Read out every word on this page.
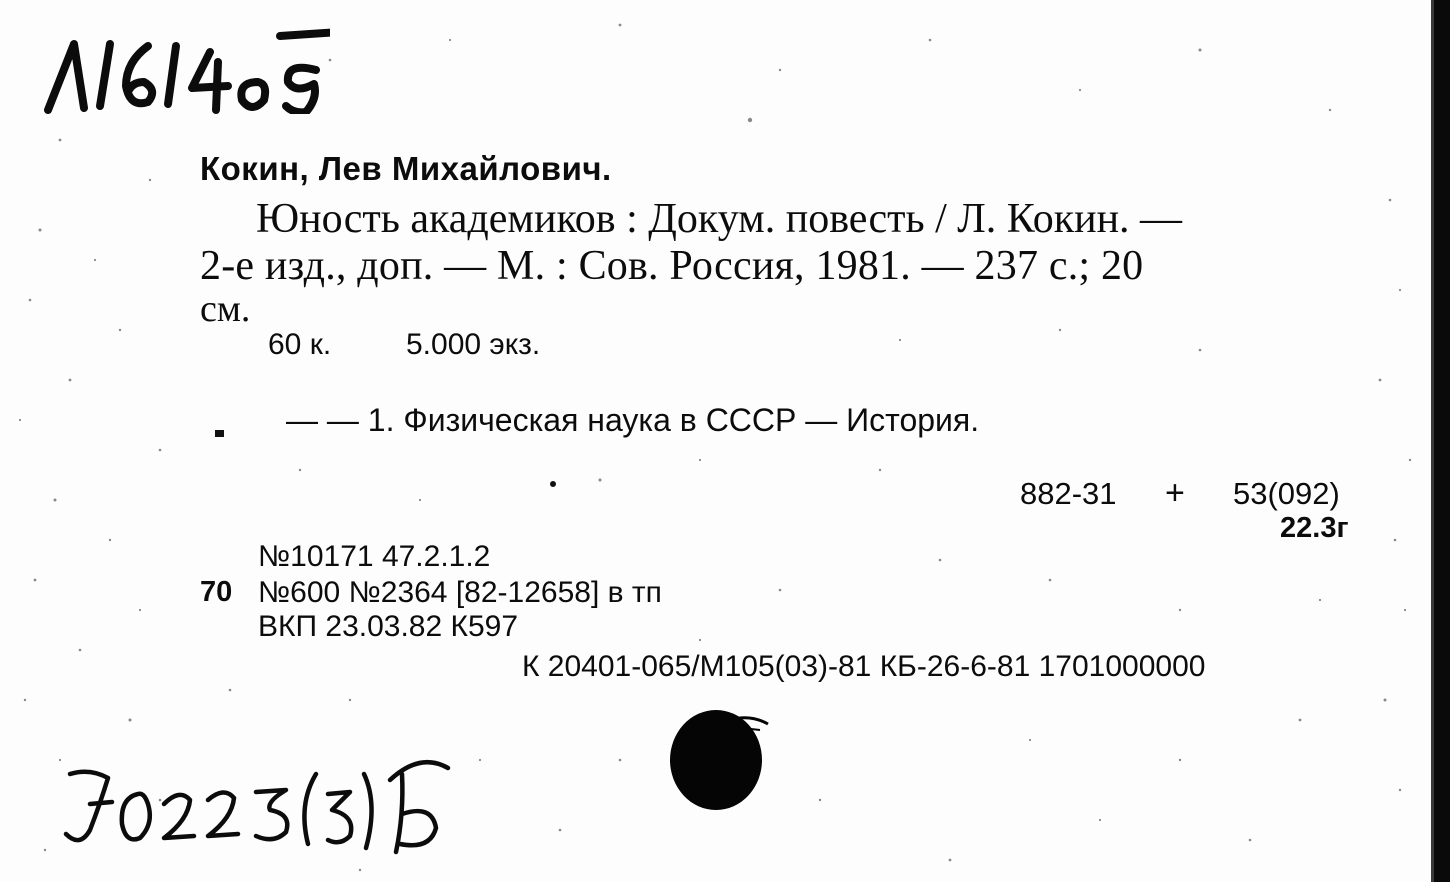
Кокин, Лев Михайлович.
Юность академиков : Докум. повесть / Л. Кокин. —
2-е изд., доп. — М. : Сов. Россия, 1981. — 237 с.; 20
см.
60 к. 5.000 экз.
— — 1. Физическая наука в СССР — История.
882-31 + 53(092)
22.3г
№10171 47.2.1.2
70 №600 №2364 [82-12658] в тп
ВКП 23.03.82 К597
К 20401-065/М105(03)-81 КБ-26-6-81 1701000000
